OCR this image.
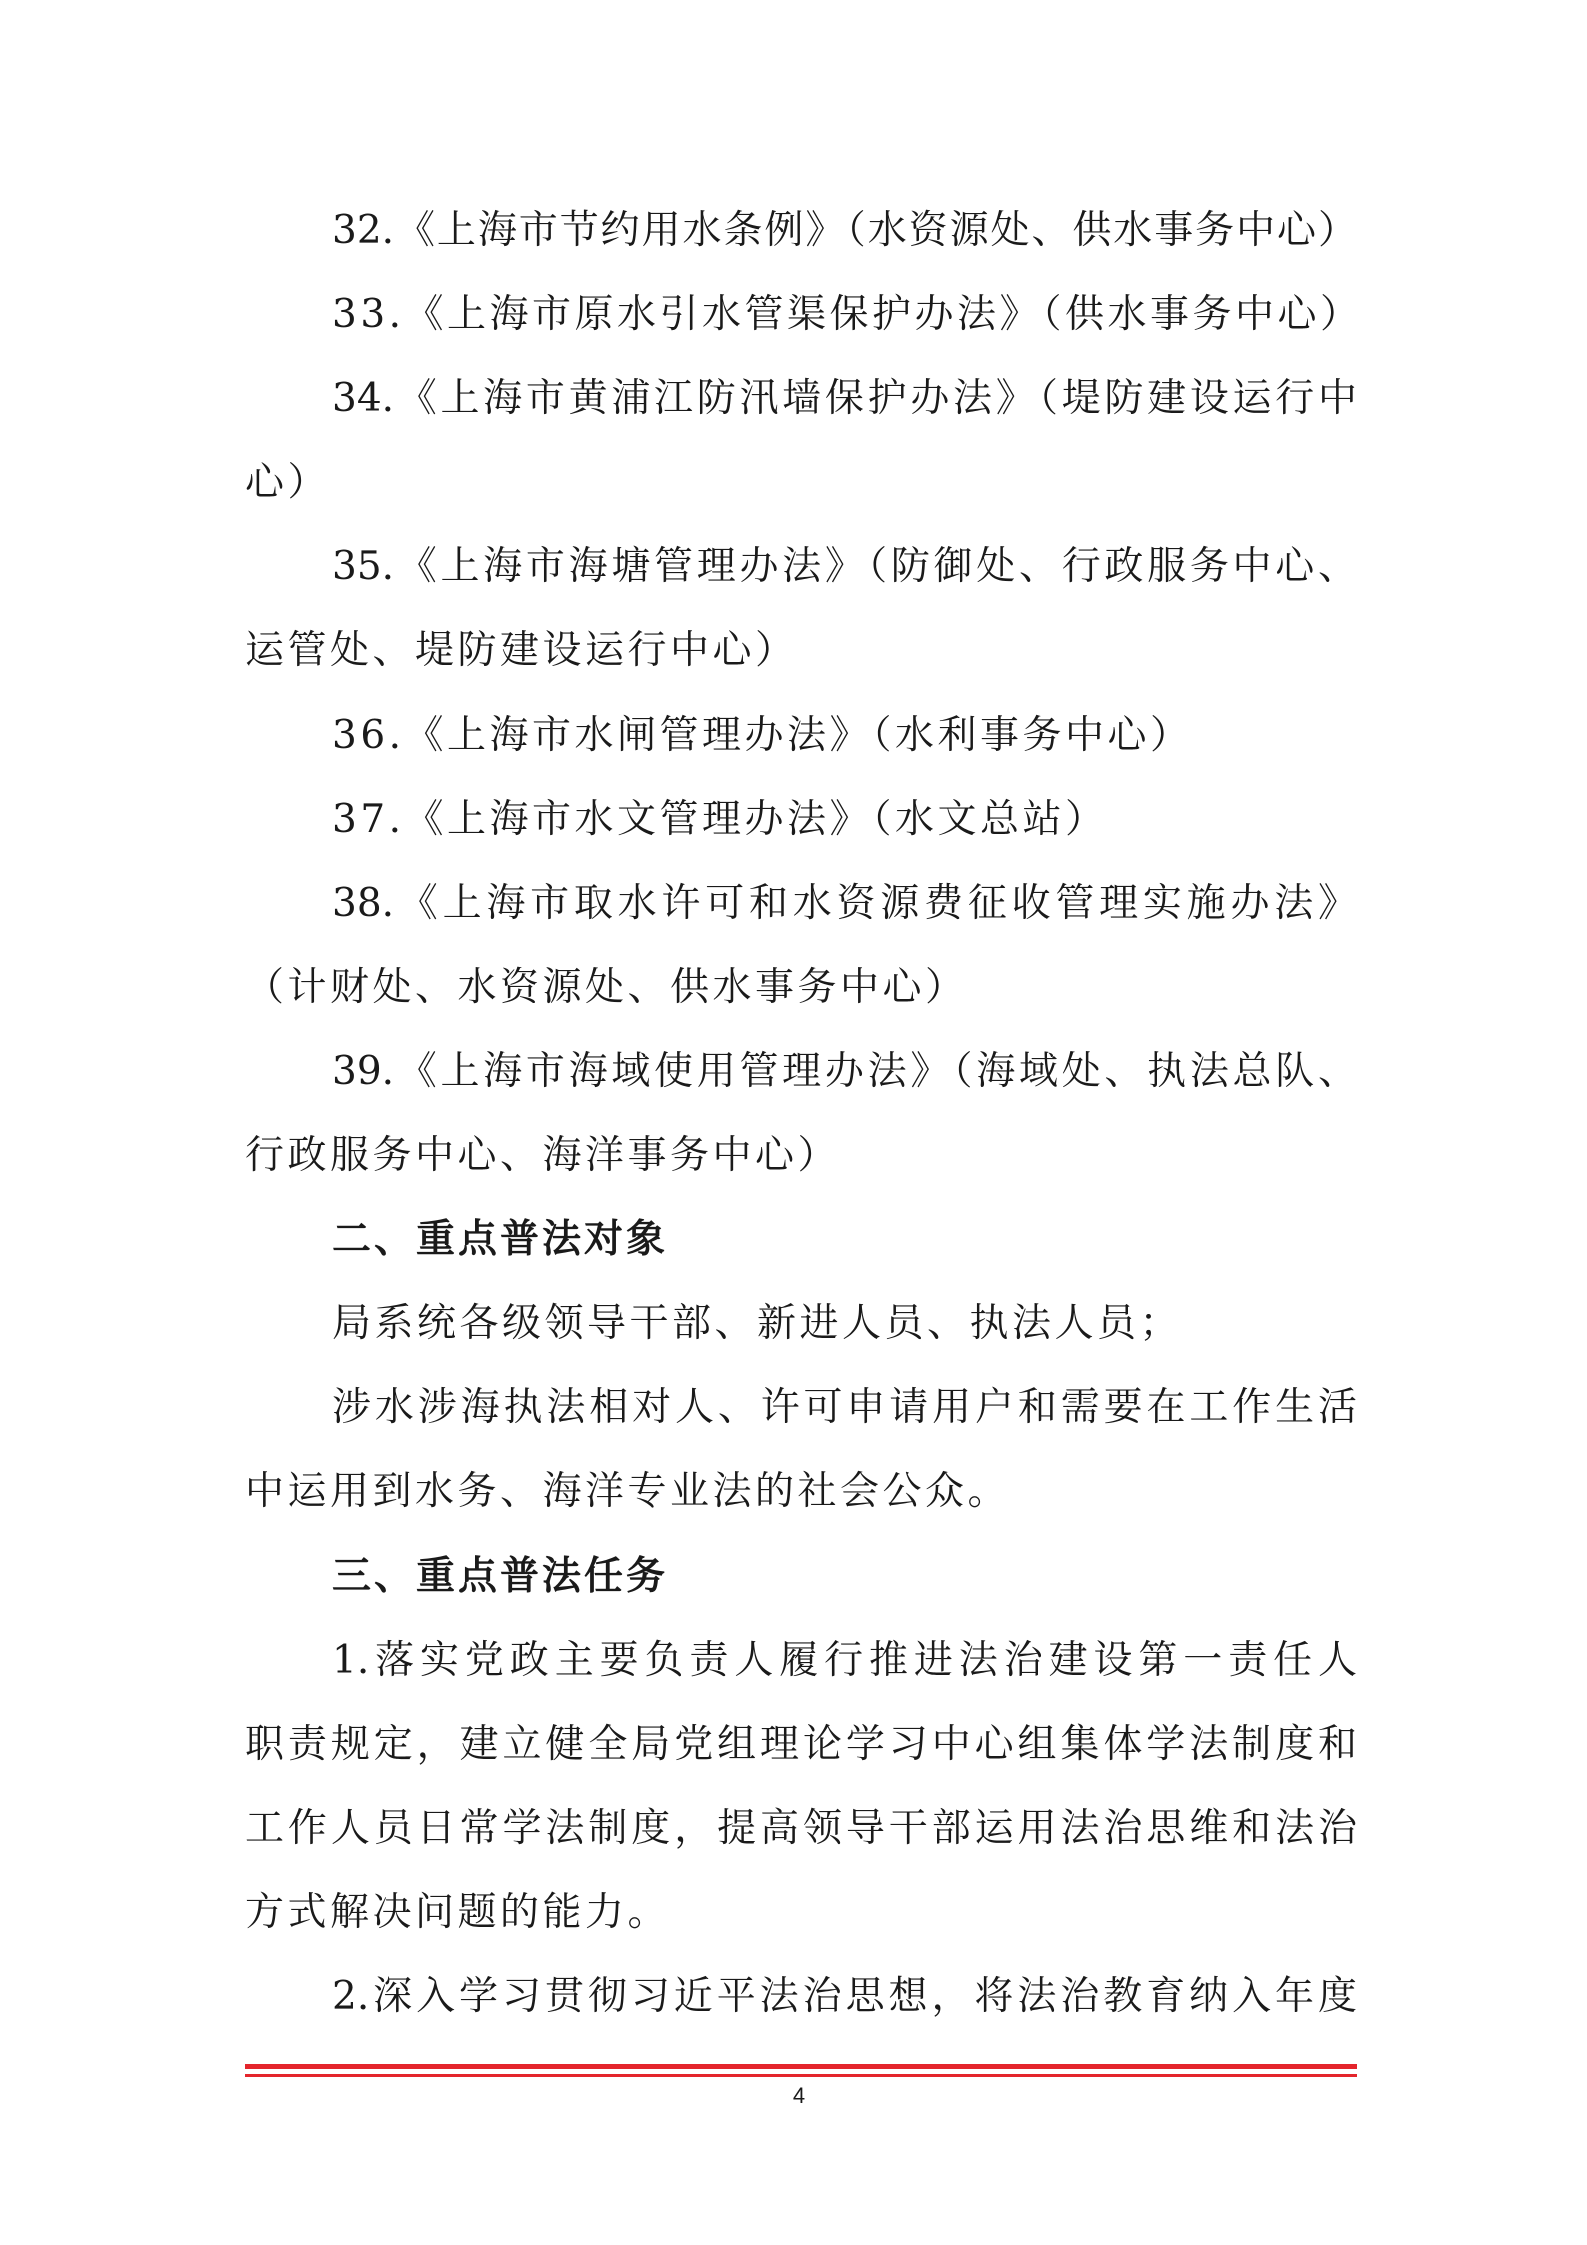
32.《上海市节约用水条例》（水资源处、供水事务中心）
33.《上海市原水引水管渠保护办法》（供水事务中心）
34.《上海市黄浦江防汛墙保护办法》（堤防建设运行中
心）
35.《上海市海塘管理办法》（防御处、行政服务中心、
运管处、堤防建设运行中心）
36.《上海市水闸管理办法》（水利事务中心）
37.《上海市水文管理办法》（水文总站）
38.《上海市取水许可和水资源费征收管理实施办法》
（计财处、水资源处、供水事务中心）
39.《上海市海域使用管理办法》（海域处、执法总队、
行政服务中心、海洋事务中心）
二、重点普法对象
局系统各级领导干部、新进人员、执法人员；
涉水涉海执法相对人、许可申请用户和需要在工作生活
中运用到水务、海洋专业法的社会公众。
三、重点普法任务
1.落实党政主要负责人履行推进法治建设第一责任人
职责规定，建立健全局党组理论学习中心组集体学法制度和
工作人员日常学法制度，提高领导干部运用法治思维和法治
方式解决问题的能力。
2.深入学习贯彻习近平法治思想，将法治教育纳入年度
4
